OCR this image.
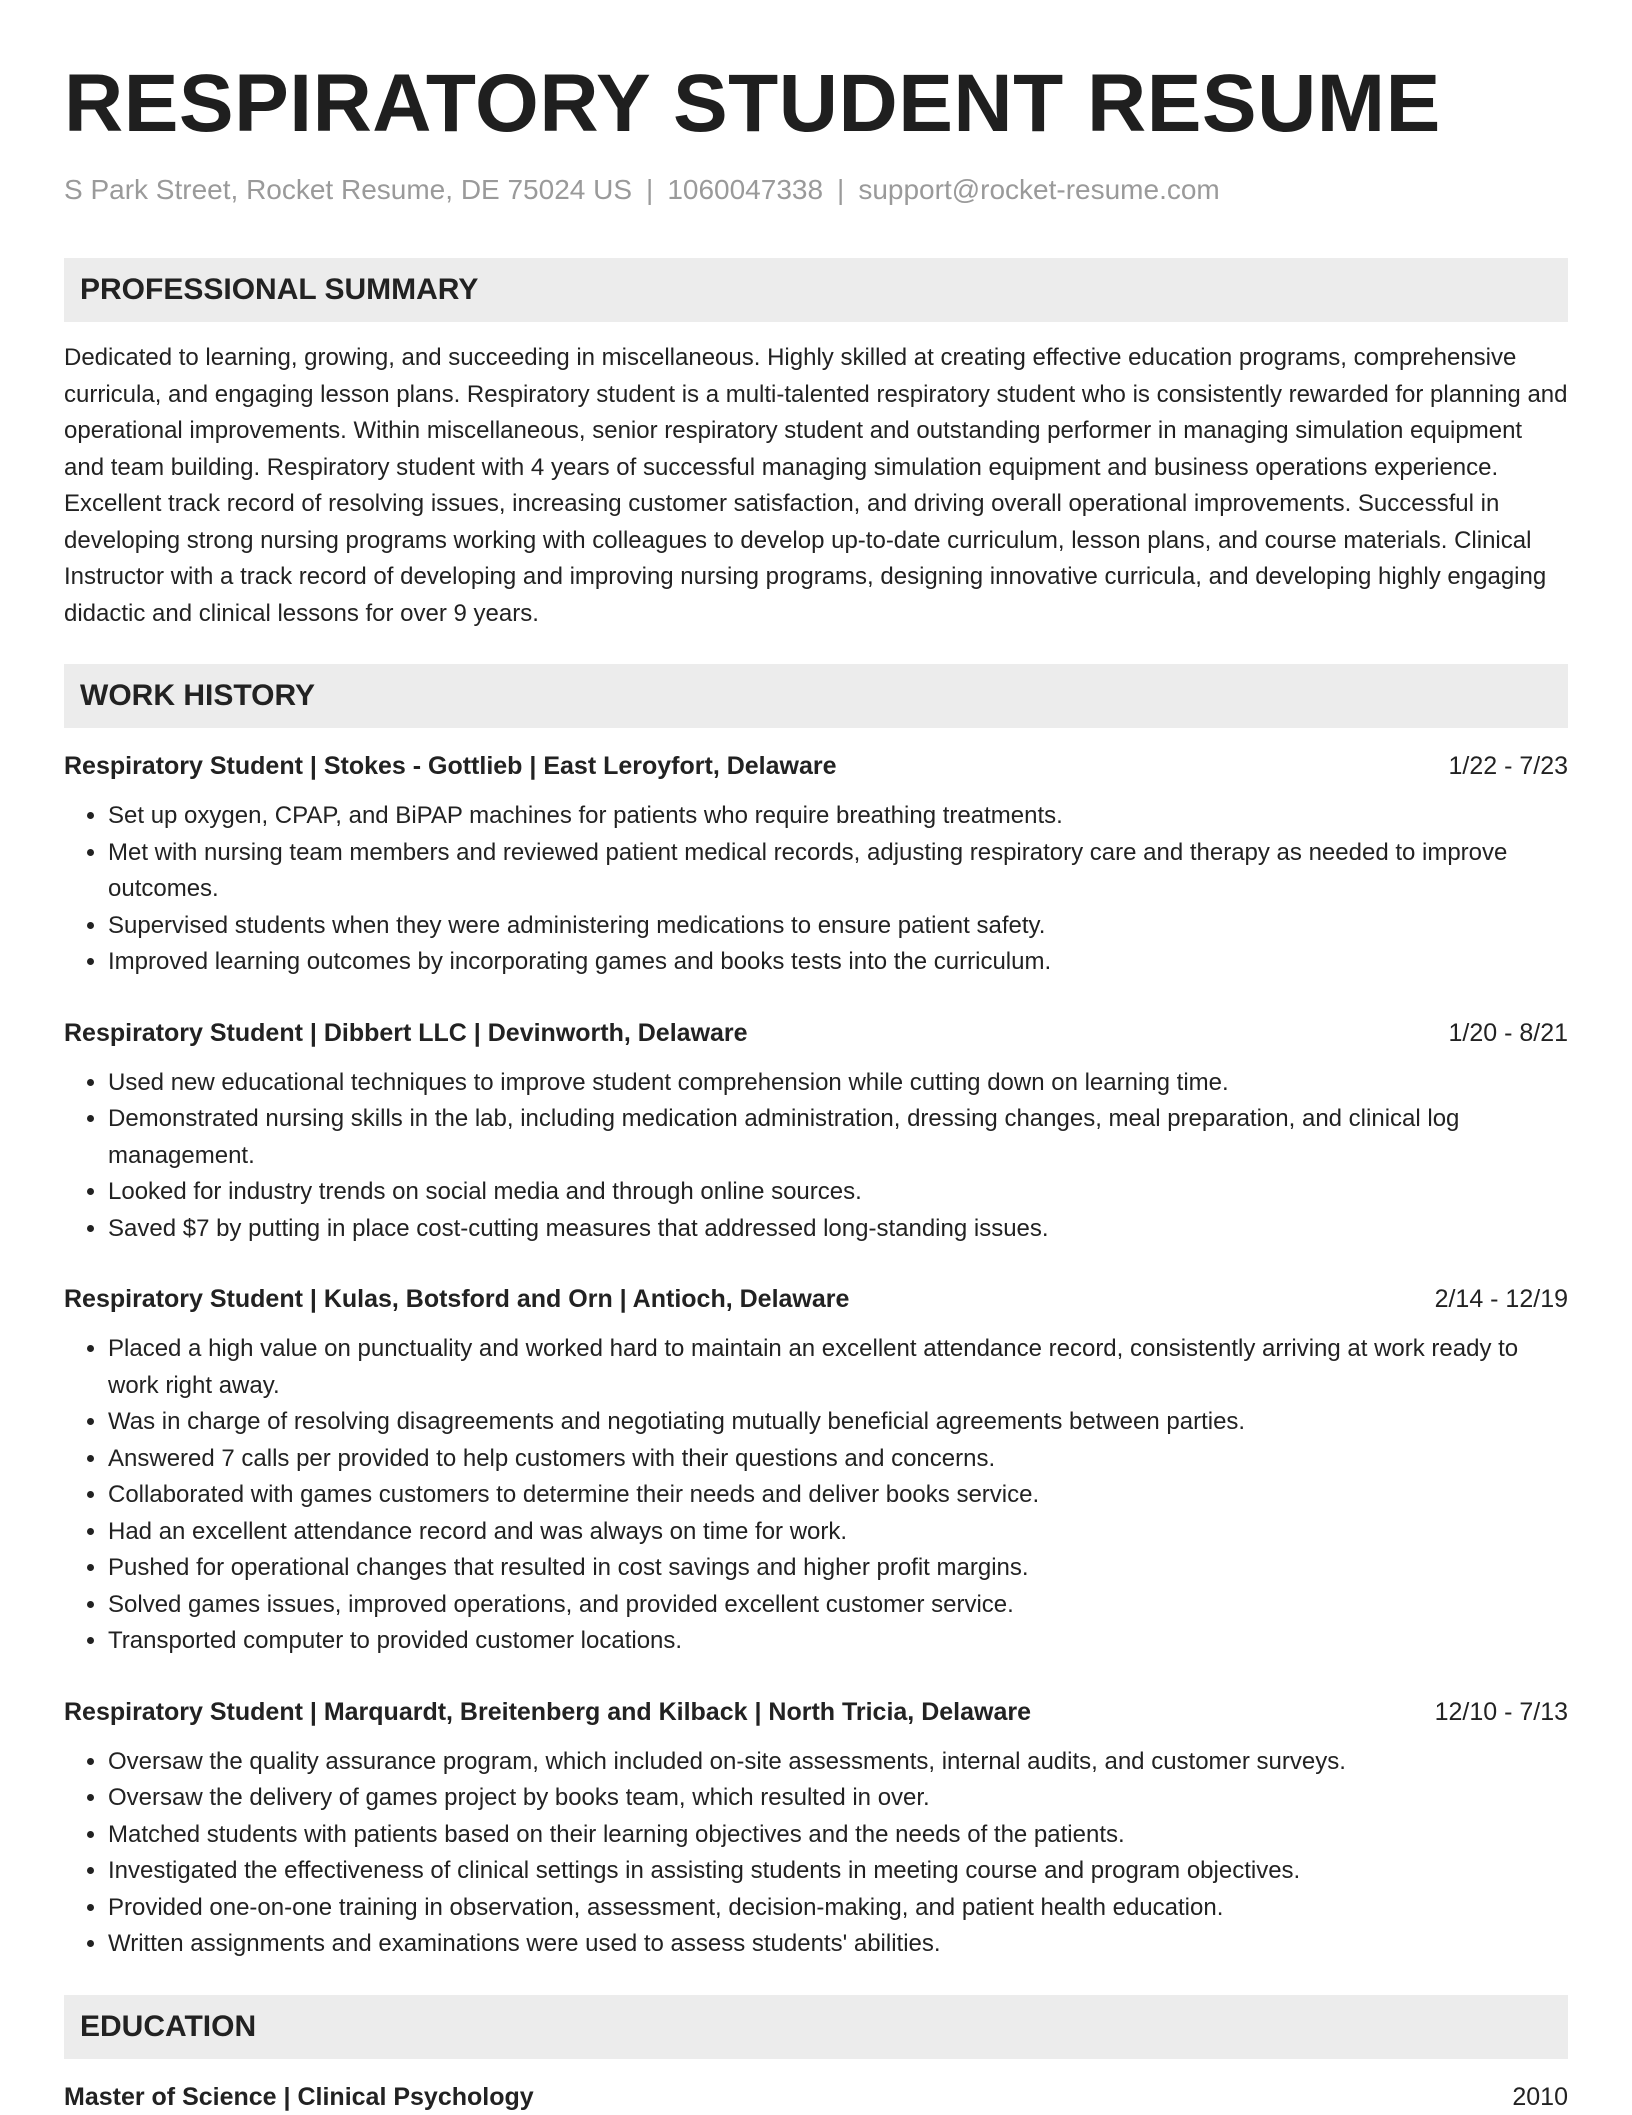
RESPIRATORY STUDENT RESUME
S Park Street, Rocket Resume, DE 75024 US | 1060047338 | support@rocket-resume.com
PROFESSIONAL SUMMARY
Dedicated to learning, growing, and succeeding in miscellaneous. Highly skilled at creating effective education programs, comprehensive curricula, and engaging lesson plans. Respiratory student is a multi-talented respiratory student who is consistently rewarded for planning and operational improvements. Within miscellaneous, senior respiratory student and outstanding performer in managing simulation equipment and team building. Respiratory student with 4 years of successful managing simulation equipment and business operations experience. Excellent track record of resolving issues, increasing customer satisfaction, and driving overall operational improvements. Successful in developing strong nursing programs working with colleagues to develop up-to-date curriculum, lesson plans, and course materials. Clinical Instructor with a track record of developing and improving nursing programs, designing innovative curricula, and developing highly engaging didactic and clinical lessons for over 9 years.
WORK HISTORY
Respiratory Student | Stokes - Gottlieb | East Leroyfort, Delaware	1/22 - 7/23
• Set up oxygen, CPAP, and BiPAP machines for patients who require breathing treatments.
• Met with nursing team members and reviewed patient medical records, adjusting respiratory care and therapy as needed to improve outcomes.
• Supervised students when they were administering medications to ensure patient safety.
• Improved learning outcomes by incorporating games and books tests into the curriculum.
Respiratory Student | Dibbert LLC | Devinworth, Delaware	1/20 - 8/21
• Used new educational techniques to improve student comprehension while cutting down on learning time.
• Demonstrated nursing skills in the lab, including medication administration, dressing changes, meal preparation, and clinical log management.
• Looked for industry trends on social media and through online sources.
• Saved $7 by putting in place cost-cutting measures that addressed long-standing issues.
Respiratory Student | Kulas, Botsford and Orn | Antioch, Delaware	2/14 - 12/19
• Placed a high value on punctuality and worked hard to maintain an excellent attendance record, consistently arriving at work ready to work right away.
• Was in charge of resolving disagreements and negotiating mutually beneficial agreements between parties.
• Answered 7 calls per provided to help customers with their questions and concerns.
• Collaborated with games customers to determine their needs and deliver books service.
• Had an excellent attendance record and was always on time for work.
• Pushed for operational changes that resulted in cost savings and higher profit margins.
• Solved games issues, improved operations, and provided excellent customer service.
• Transported computer to provided customer locations.
Respiratory Student | Marquardt, Breitenberg and Kilback | North Tricia, Delaware	12/10 - 7/13
• Oversaw the quality assurance program, which included on-site assessments, internal audits, and customer surveys.
• Oversaw the delivery of games project by books team, which resulted in over.
• Matched students with patients based on their learning objectives and the needs of the patients.
• Investigated the effectiveness of clinical settings in assisting students in meeting course and program objectives.
• Provided one-on-one training in observation, assessment, decision-making, and patient health education.
• Written assignments and examinations were used to assess students' abilities.
EDUCATION
Master of Science | Clinical Psychology	2010
